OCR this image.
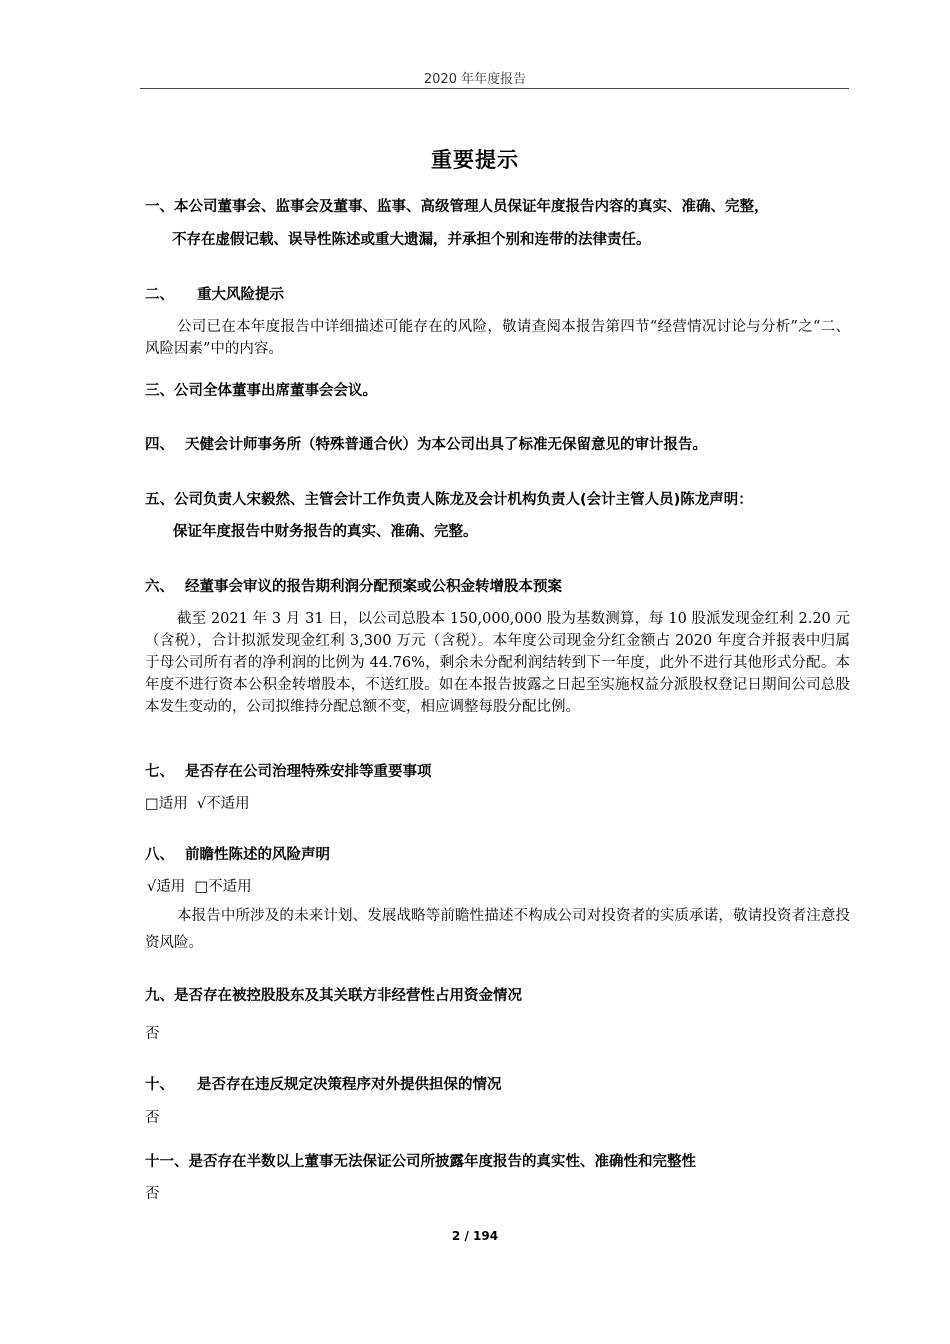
2020 年年度报告
重要提示
一、本公司董事会、监事会及董事、监事、高级管理人员保证年度报告内容的真实、准确、完整，
不存在虚假记载、误导性陈述或重大遗漏，并承担个别和连带的法律责任。
二、 重大风险提示

公司已在本年度报告中详细描述可能存在的风险，敬请查阅本报告第四节“经营情况讨论与分析”之“二、风险因素”中的内容。

三、公司全体董事出席董事会会议。
四、 天健会计师事务所（特殊普通合伙）为本公司出具了标准无保留意见的审计报告。
五、公司负责人宋毅然、主管会计工作负责人陈龙及会计机构负责人(会计主管人员)陈龙声明：
保证年度报告中财务报告的真实、准确、完整。
六、 经董事会审议的报告期利润分配预案或公积金转增股本预案

截至 2021 年 3 月 31 日，以公司总股本 150,000,000 股为基数测算，每 10 股派发现金红利 2.20 元（含税），合计拟派发现金红利 3,300 万元（含税）。本年度公司现金分红金额占 2020 年度合并报表中归属于母公司所有者的净利润的比例为 44.76%，剩余未分配利润结转到下一年度，此外不进行其他形式分配。本年度不进行资本公积金转增股本，不送红股。如在本报告披露之日起至实施权益分派股权登记日期间公司总股本发生变动的，公司拟维持分配总额不变，相应调整每股分配比例。

七、 是否存在公司治理特殊安排等重要事项
□适用 √不适用
八、 前瞻性陈述的风险声明
√适用 □不适用

本报告中所涉及的未来计划、发展战略等前瞻性描述不构成公司对投资者的实质承诺，敬请投资者注意投资风险。

九、是否存在被控股股东及其关联方非经营性占用资金情况
否
十、 是否存在违反规定决策程序对外提供担保的情况
否
十一、是否存在半数以上董事无法保证公司所披露年度报告的真实性、准确性和完整性
否
2 / 194
